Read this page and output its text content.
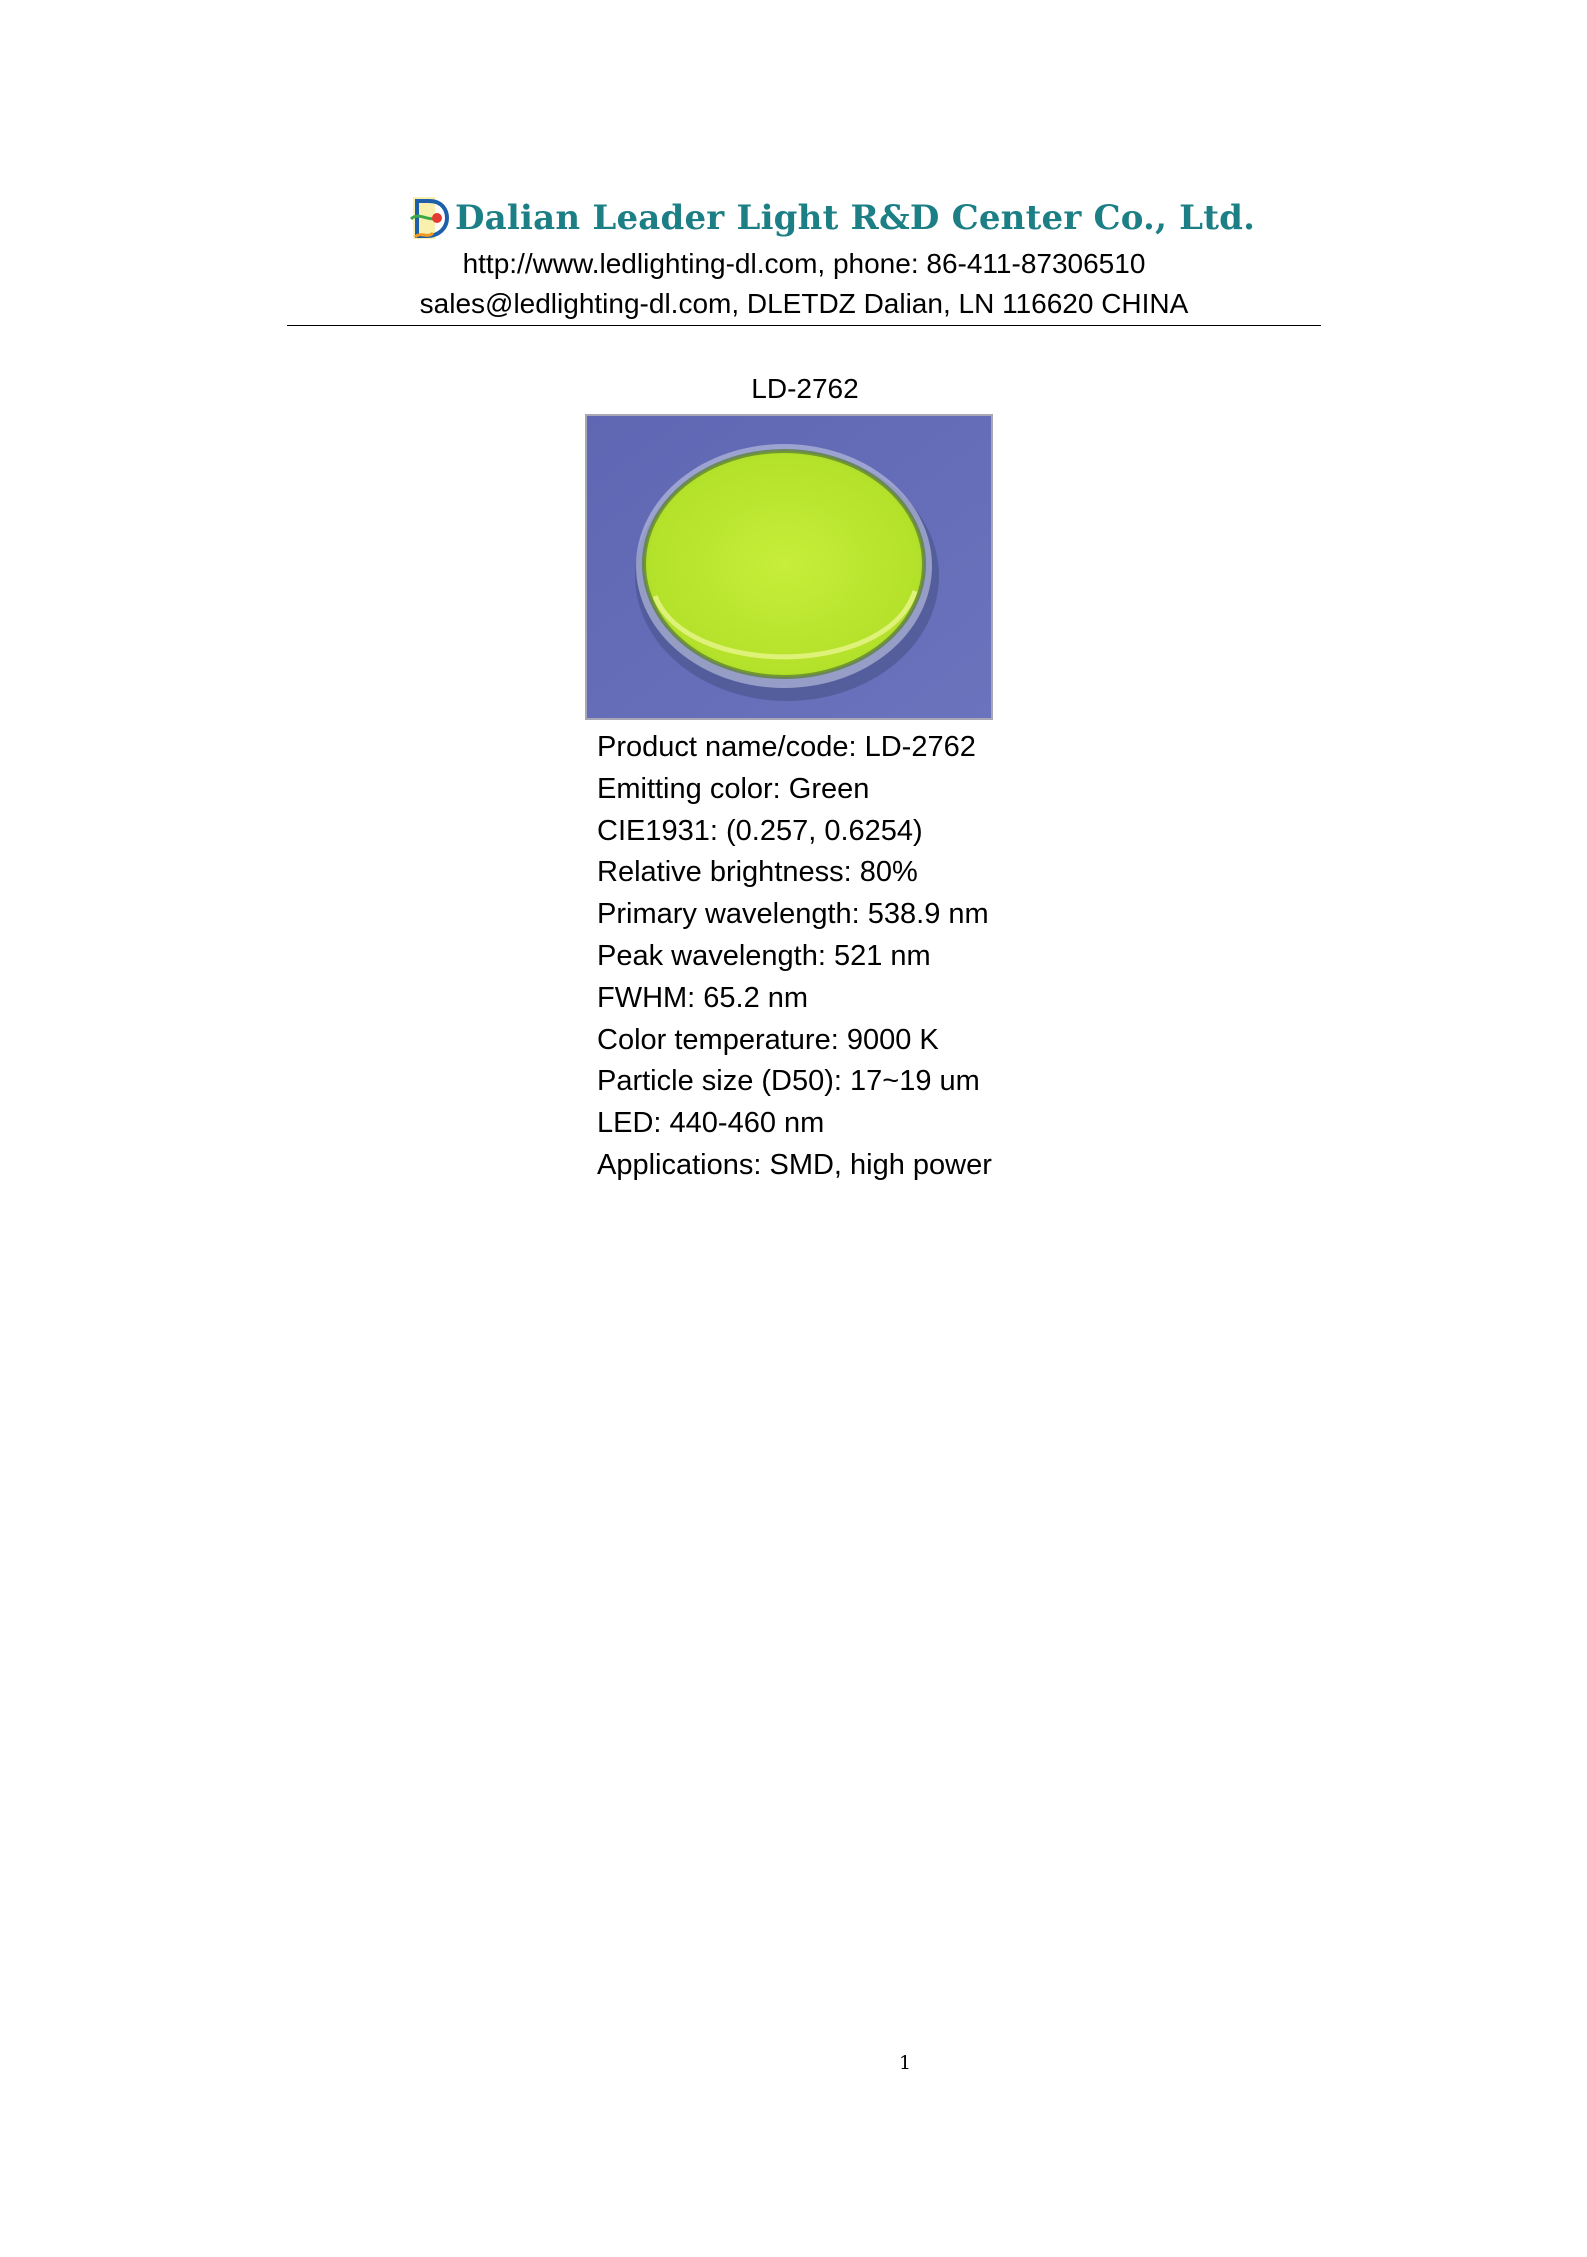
Dalian Leader Light R&D Center Co., Ltd.
http://www.ledlighting-dl.com, phone: 86-411-87306510
sales@ledlighting-dl.com, DLETDZ Dalian, LN 116620 CHINA
LD-2762
Product name/code: LD-2762
Emitting color: Green
CIE1931: (0.257, 0.6254)
Relative brightness: 80%
Primary wavelength: 538.9 nm
Peak wavelength: 521 nm
FWHM: 65.2 nm
Color temperature: 9000 K
Particle size (D50): 17~19 um
LED: 440-460 nm
Applications: SMD, high power
1
